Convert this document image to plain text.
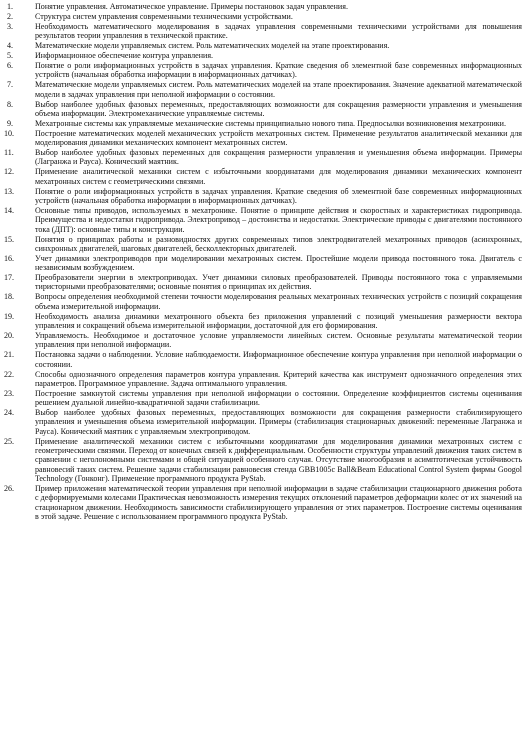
1.	Понятие управления. Автоматическое управление. Примеры постановок задач управления.
2.	Структура систем управления современными техническими устройствами.
3.	Необходимость математического моделирования в задачах управления современными техническими устройствами для повышения результатов теории управления в технической практике.
4.	Математические модели управляемых систем. Роль математических моделей на этапе проектирования.
5.	Информационное обеспечение контура управления.
6.	Понятие о роли информационных устройств в задачах управления. Краткие сведения об элементной базе современных информационных устройств (начальная обработка информации в информационных датчиках).
7.	Математические модели управляемых систем. Роль математических моделей на этапе проектирования. Значение адекватной математической модели в задачах управления при неполной информации о состоянии.
8.	Выбор наиболее удобных фазовых переменных, предоставляющих возможности для сокращения размерности управления и уменьшения объема информации. Электромеханические управляемые системы.
9.	Мехатронные системы как управляемые механические системы принципиально нового типа. Предпосылки возникновения мехатроники.
10.	Построение математических моделей механических устройств мехатронных систем. Применение результатов аналитической механики для моделирования динамики механических компонент мехатронных систем.
11.	Выбор наиболее удобных фазовых переменных для сокращения размерности управления и уменьшения объема информации. Примеры (Лагранжа и Рауса). Конический маятник.
12.	Применение аналитической механики систем с избыточными координатами для моделирования динамики механических компонент мехатронных систем с геометрическими связями.
13.	Понятие о роли информационных устройств в задачах управления. Краткие сведения об элементной базе современных информационных устройств (начальная обработка информации в информационных датчиках).
14.	Основные типы приводов, используемых в мехатронике. Понятие о принципе действия и скоростных и характеристиках гидропривода. Преимущества и недостатки гидропривода. Электропривод – достоинства и недостатки. Электрические приводы с двигателями постоянного тока (ДПТ): основные типы и конструкции.
15.	Понятия о принципах работы и разновидностях других современных типов электродвигателей мехатронных приводов (асинхронных, синхронных двигателей, шаговых двигателей, бесколлекторных двигателей.
16.	Учет динамики электроприводов при моделировании мехатронных систем. Простейшие модели привода постоянного тока. Двигатель с независимым возбуждением.
17.	Преобразователи энергии в электроприводах. Учет динамики силовых преобразователей. Приводы постоянного тока с управляемыми тиристорными преобразователями; основные понятия о принципах их действия.
18.	Вопросы определения необходимой степени точности моделирования реальных мехатронных технических устройств с позиций сокращения объема измерительной информации.
19.	Необходимость анализа динамики мехатронного объекта без приложения управлений с позиций уменьшения размерности вектора управления и сокращений объема измерительной информации, достаточной для его формирования.
20.	Управляемость. Необходимое и достаточное условие управляемости линейных систем. Основные результаты математической теории управления при неполной информации.
21.	Постановка задачи о наблюдении. Условие наблюдаемости. Информационное обеспечение контура управления при неполной информации о состоянии.
22.	Способы однозначного определения параметров контура управления. Критерий качества как инструмент однозначного определения этих параметров. Программное управление. Задача оптимального управления.
23.	Построение замкнутой системы управления при неполной информации о состоянии. Определение коэффициентов системы оценивания решением дуальной линейно-квадратичной задачи стабилизации.
24.	Выбор наиболее удобных фазовых переменных, предоставляющих возможности для сокращения размерности стабилизирующего управления и уменьшения объема измерительной информации. Примеры (стабилизация стационарных движений: переменные Лагранжа и Рауса). Конический маятник с управляемым электроприводом.
25.	Применение аналитической механики систем с избыточными координатами для моделирования динамики мехатронных систем с геометрическими связями. Переход от конечных связей к дифференциальным. Особенности структуры управлений движения таких систем в сравнении с неголономными системами и общей ситуацией особенного случая. Отсутствие многообразия и асимптотическая устойчивость равновесий таких систем. Решение задачи стабилизации равновесия стенда GBB1005c Ball&Beam Educational Control System фирмы Googol Technology (Гонконг). Применение программного продукта PyStab.
26.	Пример приложения математической теории управления при неполной информации в задаче стабилизации стационарного движения робота с деформируемыми колесами Практическая невозможность измерения текущих отклонений параметров деформации колес от их значений на стационарном движении. Необходимость зависимости стабилизирующего управления от этих параметров. Построение системы оценивания в этой задаче. Решение с использованием программного продукта PyStab.
